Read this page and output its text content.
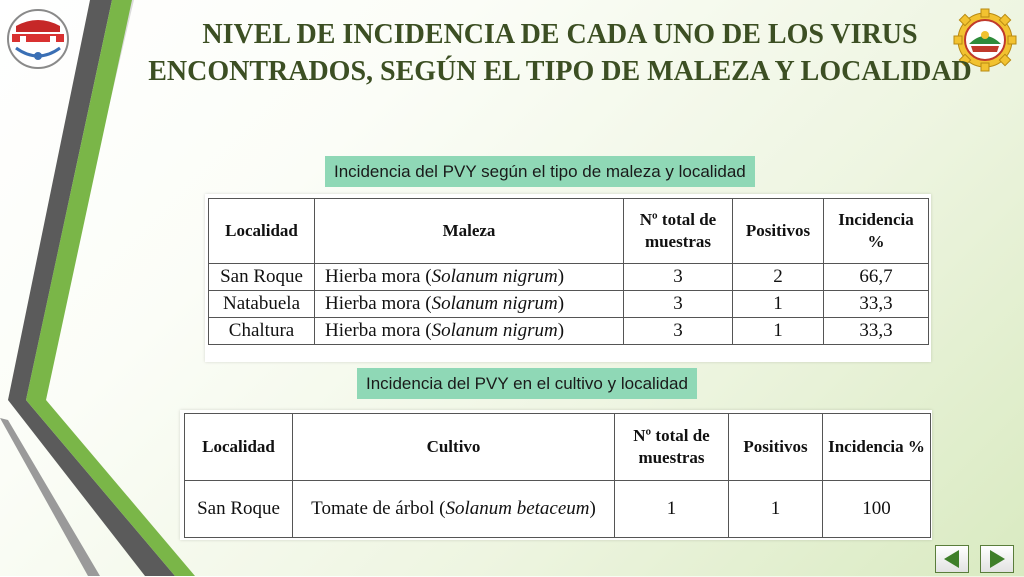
NIVEL DE INCIDENCIA DE CADA UNO DE LOS VIRUS ENCONTRADOS, SEGÚN EL TIPO DE MALEZA Y LOCALIDAD
Incidencia del PVY según el tipo de maleza y localidad
Localidad	Maleza	Nº total de muestras	Positivos	Incidencia %
San Roque	Hierba mora (Solanum nigrum)	3	2	66,7
Natabuela	Hierba mora (Solanum nigrum)	3	1	33,3
Chaltura	Hierba mora (Solanum nigrum)	3	1	33,3
Incidencia del PVY en el cultivo y localidad
Localidad	Cultivo	Nº total de muestras	Positivos	Incidencia %
San Roque	Tomate de árbol (Solanum betaceum)	1	1	100
